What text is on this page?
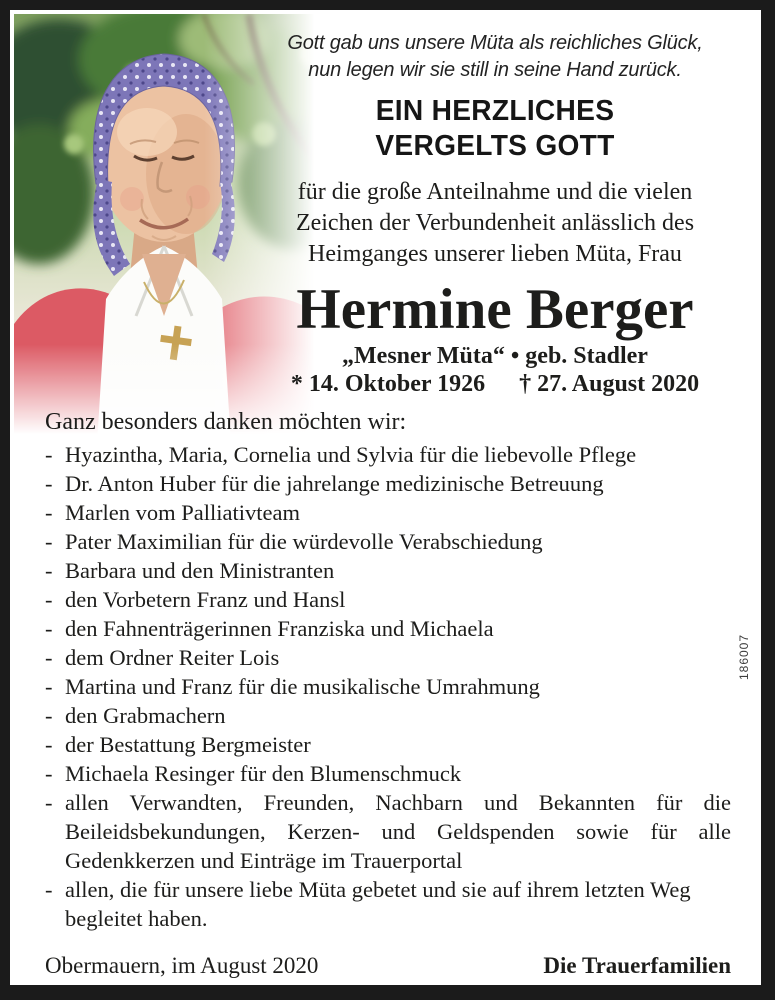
Gott gab uns unsere Müta als reichliches Glück,
nun legen wir sie still in seine Hand zurück.
EIN HERZLICHES
VERGELTS GOTT
für die große Anteilnahme und die vielen
Zeichen der Verbundenheit anlässlich des
Heimganges unserer lieben Müta, Frau
Hermine Berger
„Mesner Müta“ • geb. Stadler
* 14. Oktober 1926 † 27. August 2020
Ganz besonders danken möchten wir:
- Hyazintha, Maria, Cornelia und Sylvia für die liebevolle Pflege
- Dr. Anton Huber für die jahrelange medizinische Betreuung
- Marlen vom Palliativteam
- Pater Maximilian für die würdevolle Verabschiedung
- Barbara und den Ministranten
- den Vorbetern Franz und Hansl
- den Fahnenträgerinnen Franziska und Michaela
- dem Ordner Reiter Lois
- Martina und Franz für die musikalische Umrahmung
- den Grabmachern
- der Bestattung Bergmeister
- Michaela Resinger für den Blumenschmuck
- allen Verwandten, Freunden, Nachbarn und Bekannten für die Beileidsbekundungen, Kerzen- und Geldspenden sowie für alle Gedenkkerzen und Einträge im Trauerportal
- allen, die für unsere liebe Müta gebetet und sie auf ihrem letzten Weg begleitet haben.
Obermauern, im August 2020	Die Trauerfamilien
186007
